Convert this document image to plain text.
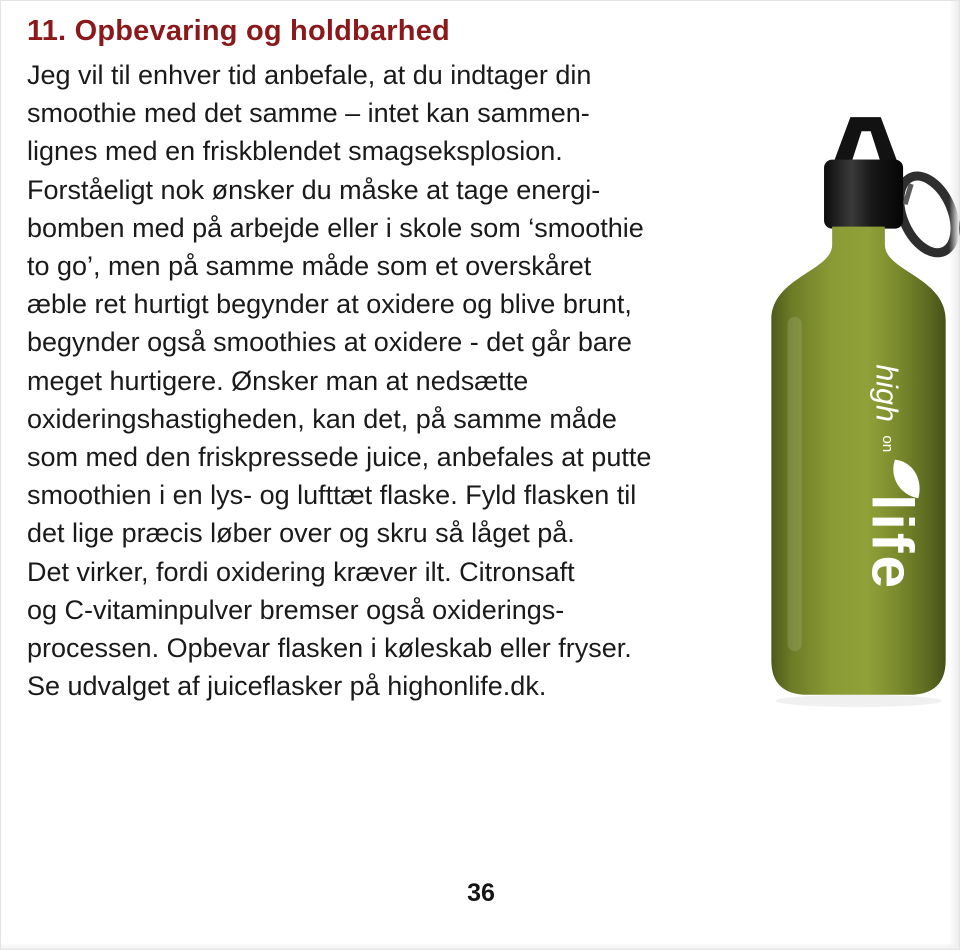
11. Opbevaring og holdbarhed
Jeg vil til enhver tid anbefale, at du indtager din
smoothie med det samme – intet kan sammen-
lignes med en friskblendet smagseksplosion.
Forståeligt nok ønsker du måske at tage energi-
bomben med på arbejde eller i skole som ‘smoothie
to go’, men på samme måde som et overskåret
æble ret hurtigt begynder at oxidere og blive brunt,
begynder også smoothies at oxidere - det går bare
meget hurtigere. Ønsker man at nedsætte
oxideringshastigheden, kan det, på samme måde
som med den friskpressede juice, anbefales at putte
smoothien i en lys- og lufttæt flaske. Fyld flasken til
det lige præcis løber over og skru så låget på.
Det virker, fordi oxidering kræver ilt. Citronsaft
og C-vitaminpulver bremser også oxiderings-
processen. Opbevar flasken i køleskab eller fryser.
Se udvalget af juiceflasker på highonlife.dk.
high
on
life
36
